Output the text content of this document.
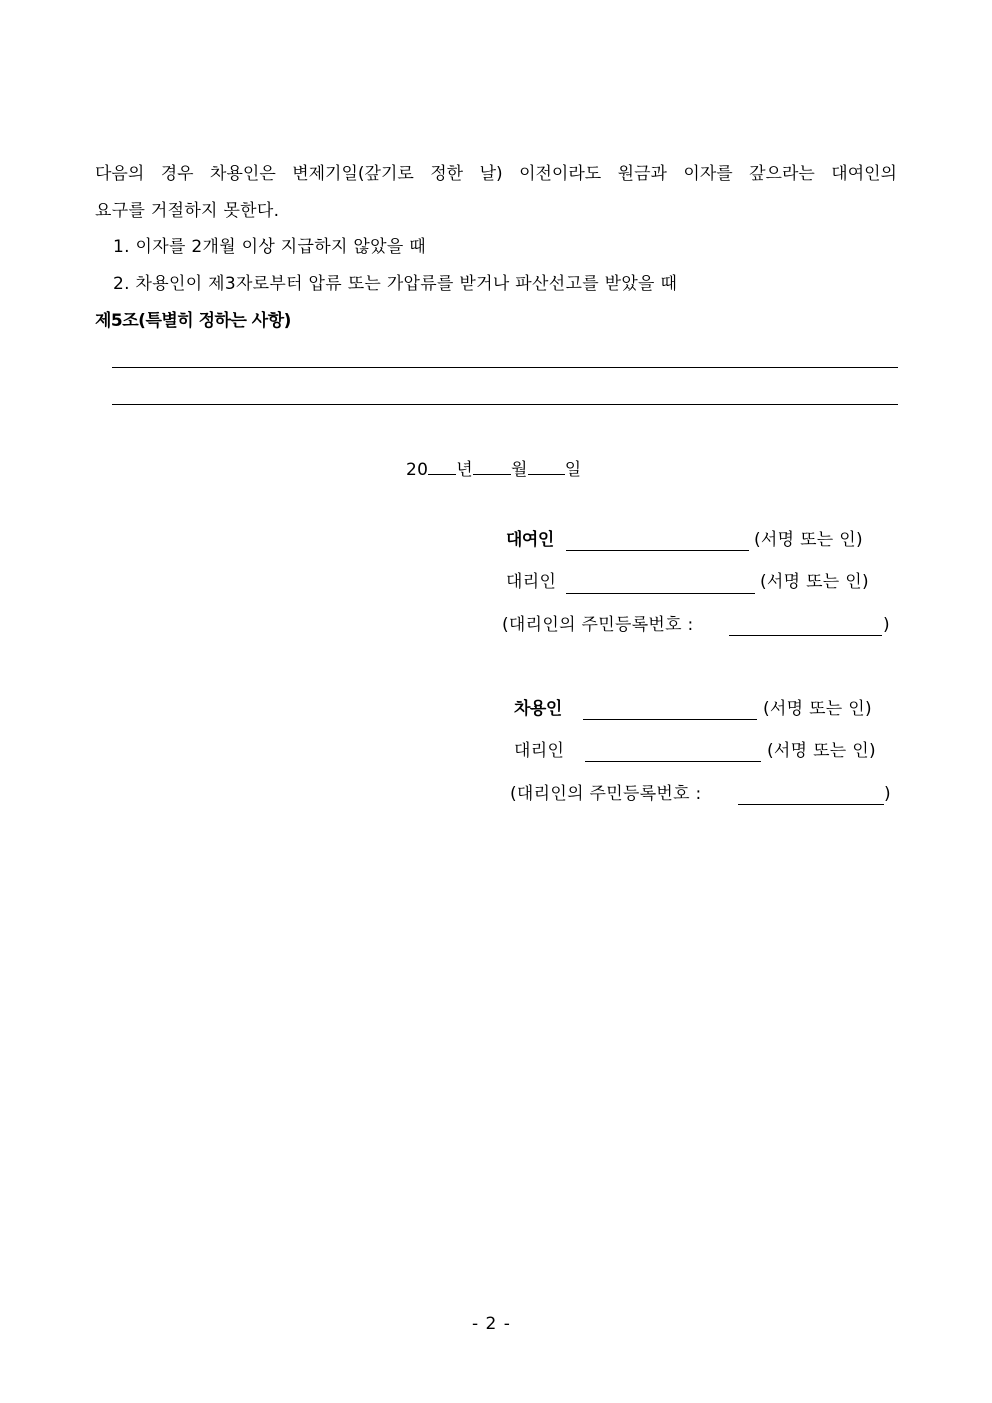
다음의 경우 차용인은 변제기일(갚기로 정한 날) 이전이라도 원금과 이자를 갚으라는 대여인의
요구를 거절하지 못한다.
1. 이자를 2개월 이상 지급하지 않았을 때
2. 차용인이 제3자로부터 압류 또는 가압류를 받거나 파산선고를 받았을 때
제5조(특별히 정하는 사항)
20 년 월 일
대여인	(서명 또는 인)
대리인	(서명 또는 인)
(대리인의 주민등록번호 :	)
차용인	(서명 또는 인)
대리인	(서명 또는 인)
(대리인의 주민등록번호 :	)
- 2 -
